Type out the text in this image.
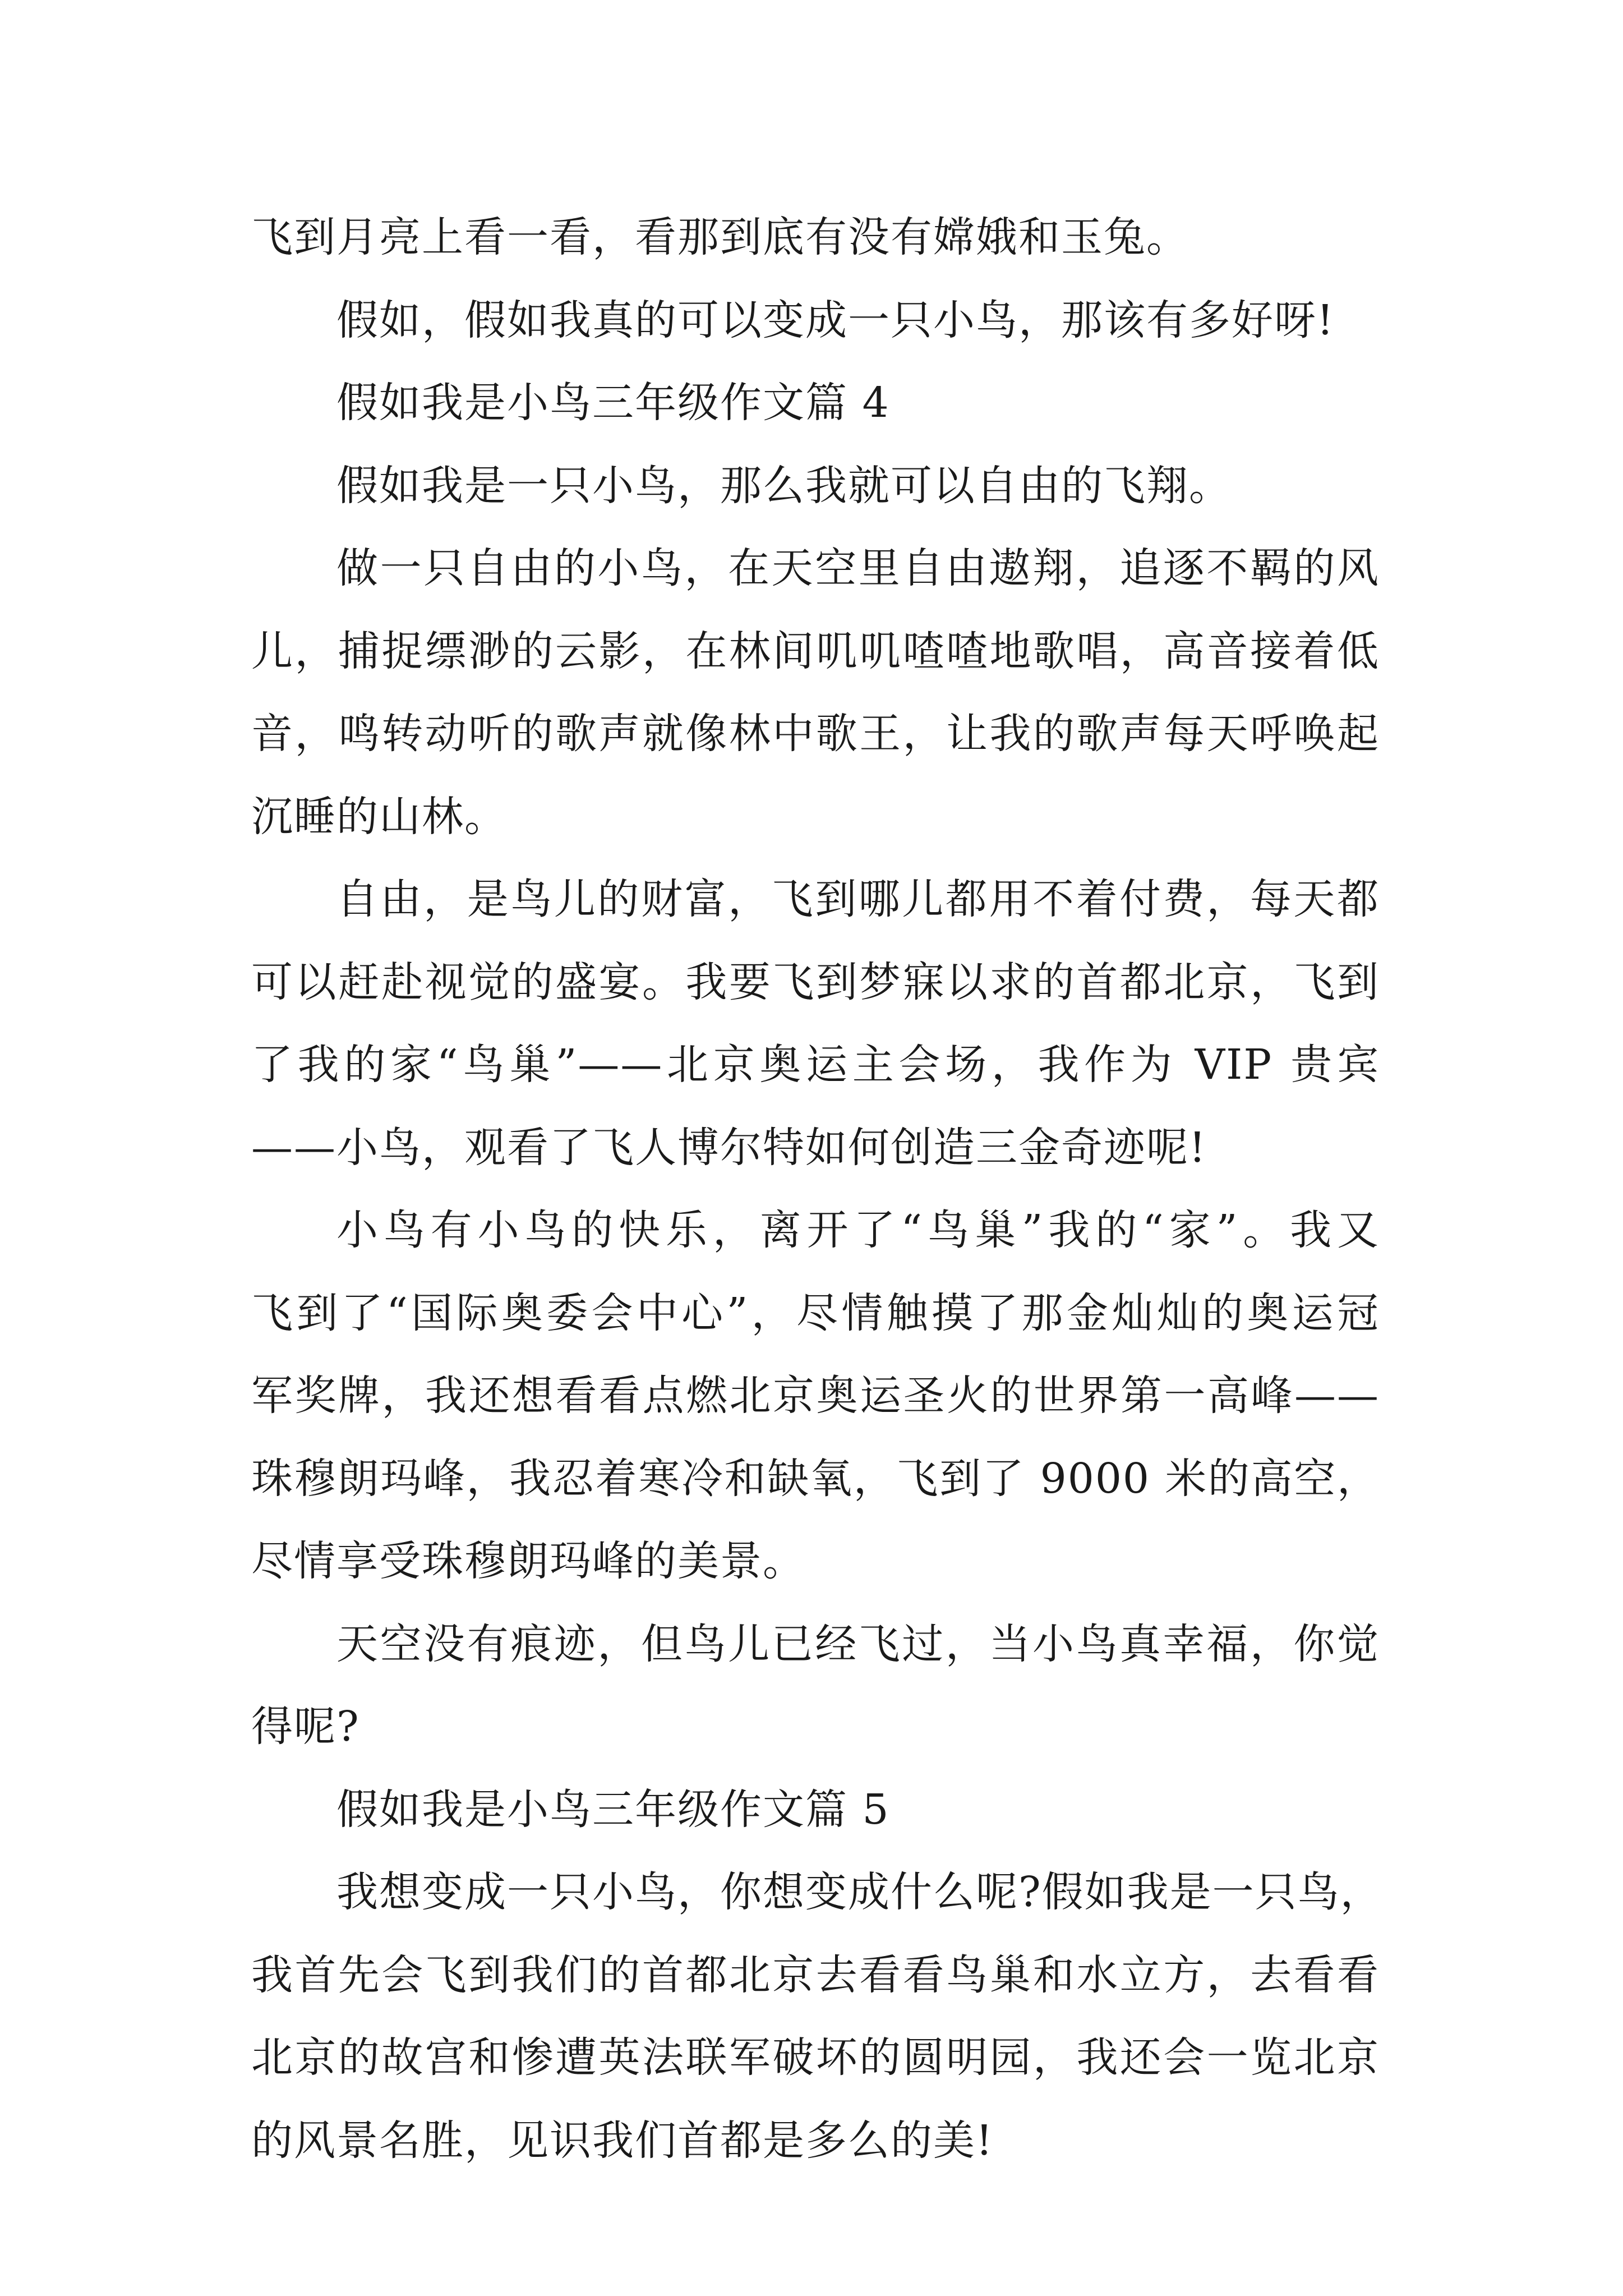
飞到月亮上看一看，看那到底有没有嫦娥和玉兔。
假如，假如我真的可以变成一只小鸟，那该有多好呀!
假如我是小鸟三年级作文篇 4
假如我是一只小鸟，那么我就可以自由的飞翔。
做一只自由的小鸟，在天空里自由遨翔，追逐不羁的风
儿，捕捉缥渺的云影，在林间叽叽喳喳地歌唱，高音接着低
音，鸣转动听的歌声就像林中歌王，让我的歌声每天呼唤起
沉睡的山林。
自由，是鸟儿的财富，飞到哪儿都用不着付费，每天都
可以赶赴视觉的盛宴。我要飞到梦寐以求的首都北京，飞到
了我的家“鸟巢”——北京奥运主会场，我作为 VIP 贵宾
——小鸟，观看了飞人博尔特如何创造三金奇迹呢!
小鸟有小鸟的快乐，离开了“鸟巢”我的“家”。我又
飞到了“国际奥委会中心”，尽情触摸了那金灿灿的奥运冠
军奖牌，我还想看看点燃北京奥运圣火的世界第一高峰——
珠穆朗玛峰，我忍着寒冷和缺氧，飞到了 9000 米的高空，
尽情享受珠穆朗玛峰的美景。
天空没有痕迹，但鸟儿已经飞过，当小鸟真幸福，你觉
得呢?
假如我是小鸟三年级作文篇 5
我想变成一只小鸟，你想变成什么呢?假如我是一只鸟，
我首先会飞到我们的首都北京去看看鸟巢和水立方，去看看
北京的故宫和惨遭英法联军破坏的圆明园，我还会一览北京
的风景名胜，见识我们首都是多么的美!
